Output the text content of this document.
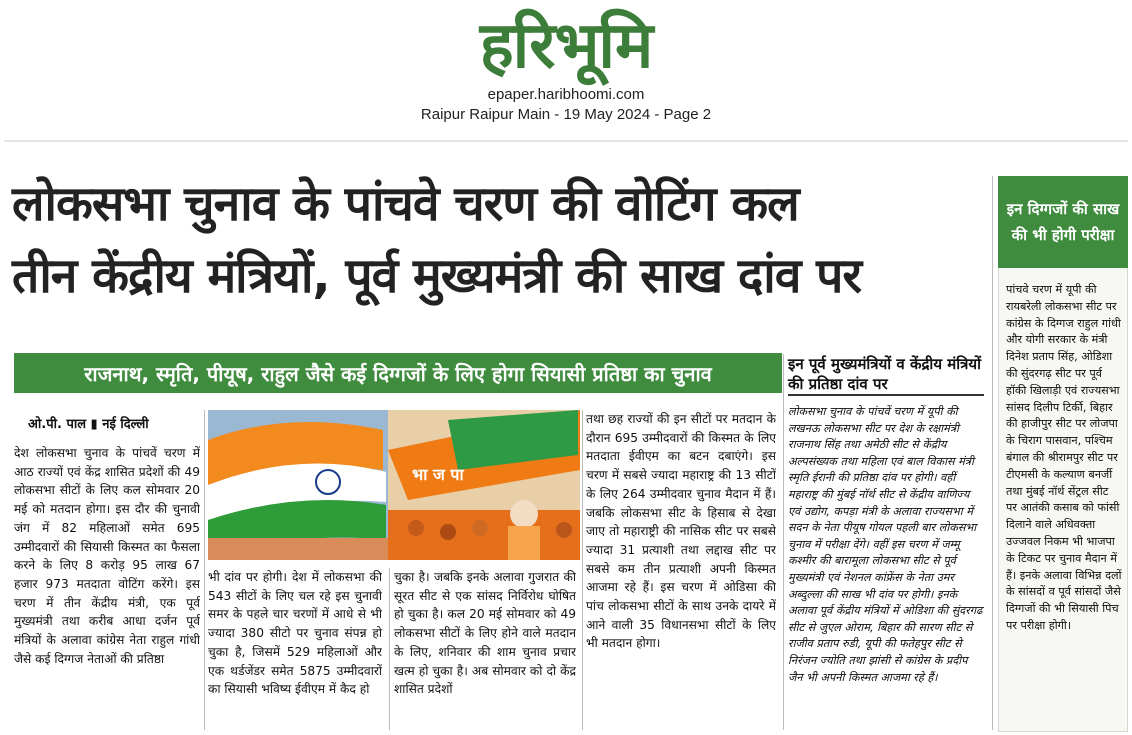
हरिभूमि
epaper.haribhoomi.com
Raipur Raipur Main - 19 May 2024 - Page 2
लोकसभा चुनाव के पांचवे चरण की वोटिंग कल
तीन केंद्रीय मंत्रियों, पूर्व मुख्यमंत्री की साख दांव पर
राजनाथ, स्मृति, पीयूष, राहुल जैसे कई दिग्गजों के लिए होगा सियासी प्रतिष्ठा का चुनाव
ओ.पी. पाल ▮ नई दिल्ली
देश लोकसभा चुनाव के पांचवें चरण में आठ राज्यों एवं केंद्र शासित प्रदेशों की 49 लोकसभा सीटों के लिए कल सोमवार 20 मई को मतदान होगा। इस दौर की चुनावी जंग में 82 महिलाओं समेत 695 उम्मीदवारों की सियासी किस्मत का फैसला करने के लिए 8 करोड़ 95 लाख 67 हजार 973 मतदाता वोटिंग करेंगे। इस चरण में तीन केंद्रीय मंत्री, एक पूर्व मुख्यमंत्री तथा करीब आधा दर्जन पूर्व मंत्रियों के अलावा कांग्रेस नेता राहुल गांधी जैसे कई दिग्गज नेताओं की प्रतिष्ठा
भा ज पा
भी दांव पर होगी। देश में लोकसभा की 543 सीटों के लिए चल रहे इस चुनावी समर के पहले चार चरणों में आधे से भी ज्यादा 380 सीटो पर चुनाव संपन्न हो चुका है, जिसमें 529 महिलाओं और एक थर्डजेंडर समेत 5875 उम्मीदवारों का सियासी भविष्य ईवीएम में कैद हो
चुका है। जबकि इनके अलावा गुजरात की सूरत सीट से एक सांसद निर्विरोध घोषित हो चुका है। कल 20 मई सोमवार को 49 लोकसभा सीटों के लिए होने वाले मतदान के लिए, शनिवार की शाम चुनाव प्रचार खत्म हो चुका है। अब सोमवार को दो केंद्र शासित प्रदेशों
तथा छह राज्यों की इन सीटों पर मतदान के दौरान 695 उम्मीदवारों की किस्मत के लिए मतदाता ईवीएम का बटन दबाएंगे। इस चरण में सबसे ज्यादा महाराष्ट्र की 13 सीटों के लिए 264 उम्मीदवार चुनाव मैदान में हैं। जबकि लोकसभा सीट के हिसाब से देखा जाए तो महाराष्ट्री की नासिक सीट पर सबसे ज्यादा 31 प्रत्याशी तथा लद्दाख सीट पर सबसे कम तीन प्रत्याशी अपनी किस्मत आजमा रहे हैं। इस चरण में ओडिसा की पांच लोकसभा सीटों के साथ उनके दायरे में आने वाली 35 विधानसभा सीटों के लिए भी मतदान होगा।
इन पूर्व मुख्यमंत्रियों व केंद्रीय मंत्रियों की प्रतिष्ठा दांव पर
लोकसभा चुनाव के पांचवें चरण में यूपी की लखनऊ लोकसभा सीट पर देश के रक्षामंत्री राजनाथ सिंह तथा अमेठी सीट से केंद्रीय अल्पसंख्यक तथा महिला एवं बाल विकास मंत्री स्मृति ईरानी की प्रतिष्ठा दांव पर होगी। वहीं महाराष्ट्र की मुंबई नॉर्थ सीट से केंद्रीय वाणिज्य एवं उद्योग, कपड़ा मंत्री के अलावा राज्यसभा में सदन के नेता पीयूष गोयल पहली बार लोकसभा चुनाव में परीक्षा देंगे। वहीं इस चरण में जम्मू कश्मीर की बारामूला लोकसभा सीट से पूर्व मुख्यमंत्री एवं नेशनल कांफ्रेंस के नेता उमर अब्दुल्ला की साख भी दांव पर होगी। इनके अलावा पूर्व केंद्रीय मंत्रियों में ओडिशा की सुंदरगढ सीट से जुएल ओराम, बिहार की सारण सीट से राजीव प्रताप रुडी, यूपी की फतेहपुर सीट से निरंजन ज्योति तथा झांसी से कांग्रेस के प्रदीप जैन भी अपनी किस्मत आजमा रहे हैं।
इन दिग्गजों की साख की भी होगी परीक्षा
पांचवे चरण में यूपी की रायबरेली लोकसभा सीट पर कांग्रेस के दिग्गज राहुल गांधी और योगी सरकार के मंत्री दिनेश प्रताप सिंह, ओडिशा की सुंदरगढ़ सीट पर पूर्व हॉकी खिलाड़ी एवं राज्यसभा सांसद दिलीप टिर्की, बिहार की हाजीपुर सीट पर लोजपा के चिराग पासवान, पश्चिम बंगाल की श्रीरामपुर सीट पर टीएमसी के कल्याण बनर्जी तथा मुंबई नॉर्थ सेंट्रल सीट पर आतंकी कसाब को फांसी दिलाने वाले अधिवक्ता उज्जवल निकम भी भाजपा के टिकट पर चुनाव मैदान में हैं। इनके अलावा विभिन्न दलों के सांसदों व पूर्व सांसदों जैसे दिग्गजों की भी सियासी पिच पर परीक्षा होगी।
